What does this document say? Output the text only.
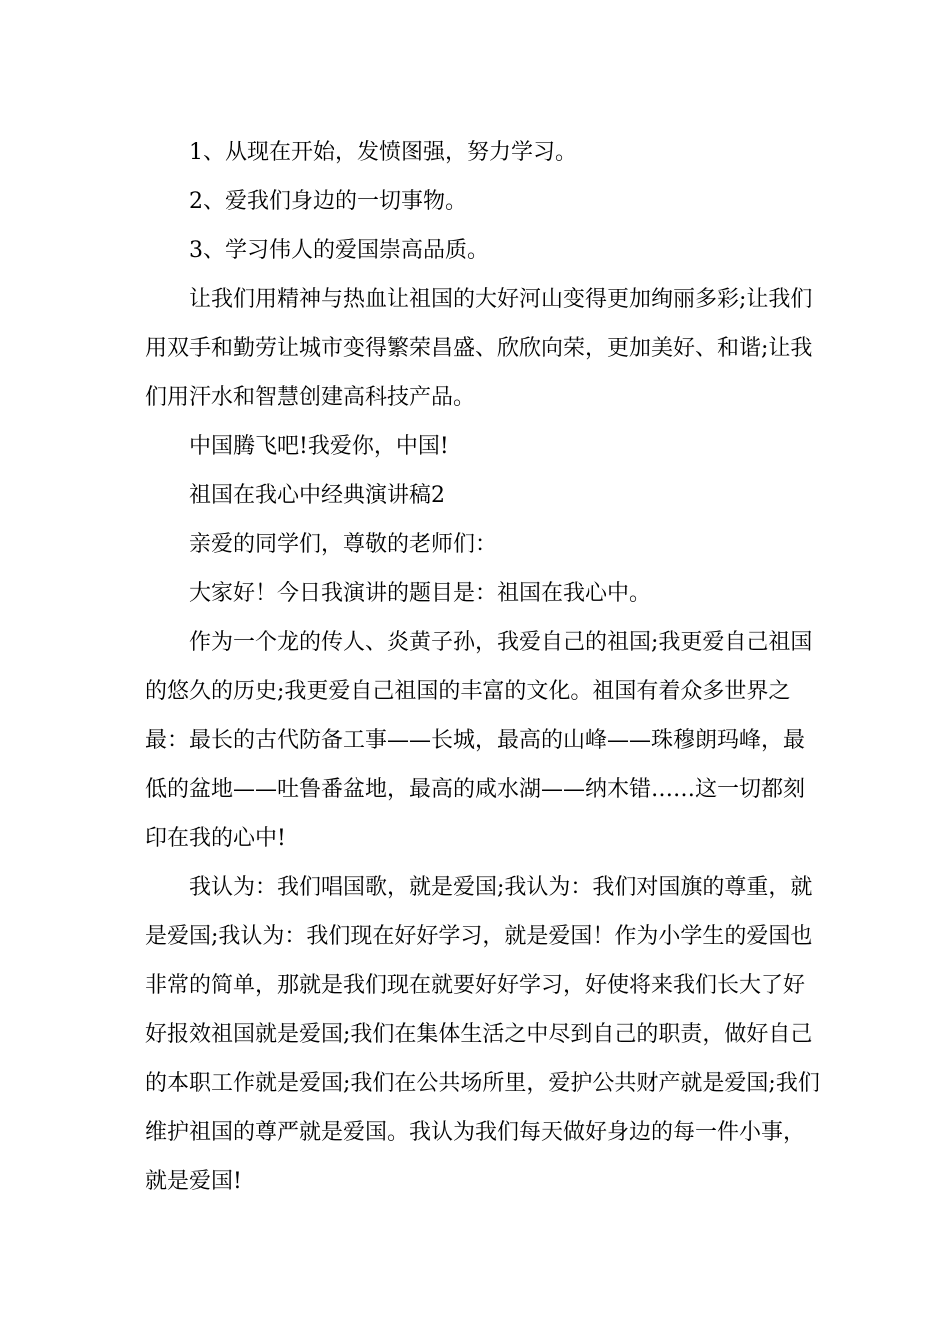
1、从现在开始，发愤图强，努力学习。

2、爱我们身边的一切事物。

3、学习伟人的爱国崇高品质。

让我们用精神与热血让祖国的大好河山变得更加绚丽多彩;让我们用双手和勤劳让城市变得繁荣昌盛、欣欣向荣，更加美好、和谐;让我们用汗水和智慧创建高科技产品。

中国腾飞吧!我爱你，中国!

祖国在我心中经典演讲稿2

亲爱的同学们，尊敬的老师们：

大家好！今日我演讲的题目是：祖国在我心中。

作为一个龙的传人、炎黄子孙，我爱自己的祖国;我更爱自己祖国的悠久的历史;我更爱自己祖国的丰富的文化。祖国有着众多世界之最：最长的古代防备工事——长城，最高的山峰——珠穆朗玛峰，最低的盆地——吐鲁番盆地，最高的咸水湖——纳木错……这一切都刻印在我的心中!

我认为：我们唱国歌，就是爱国;我认为：我们对国旗的尊重，就是爱国;我认为：我们现在好好学习，就是爱国！作为小学生的爱国也非常的简单，那就是我们现在就要好好学习，好使将来我们长大了好好报效祖国就是爱国;我们在集体生活之中尽到自己的职责，做好自己的本职工作就是爱国;我们在公共场所里，爱护公共财产就是爱国;我们维护祖国的尊严就是爱国。我认为我们每天做好身边的每一件小事，就是爱国!
